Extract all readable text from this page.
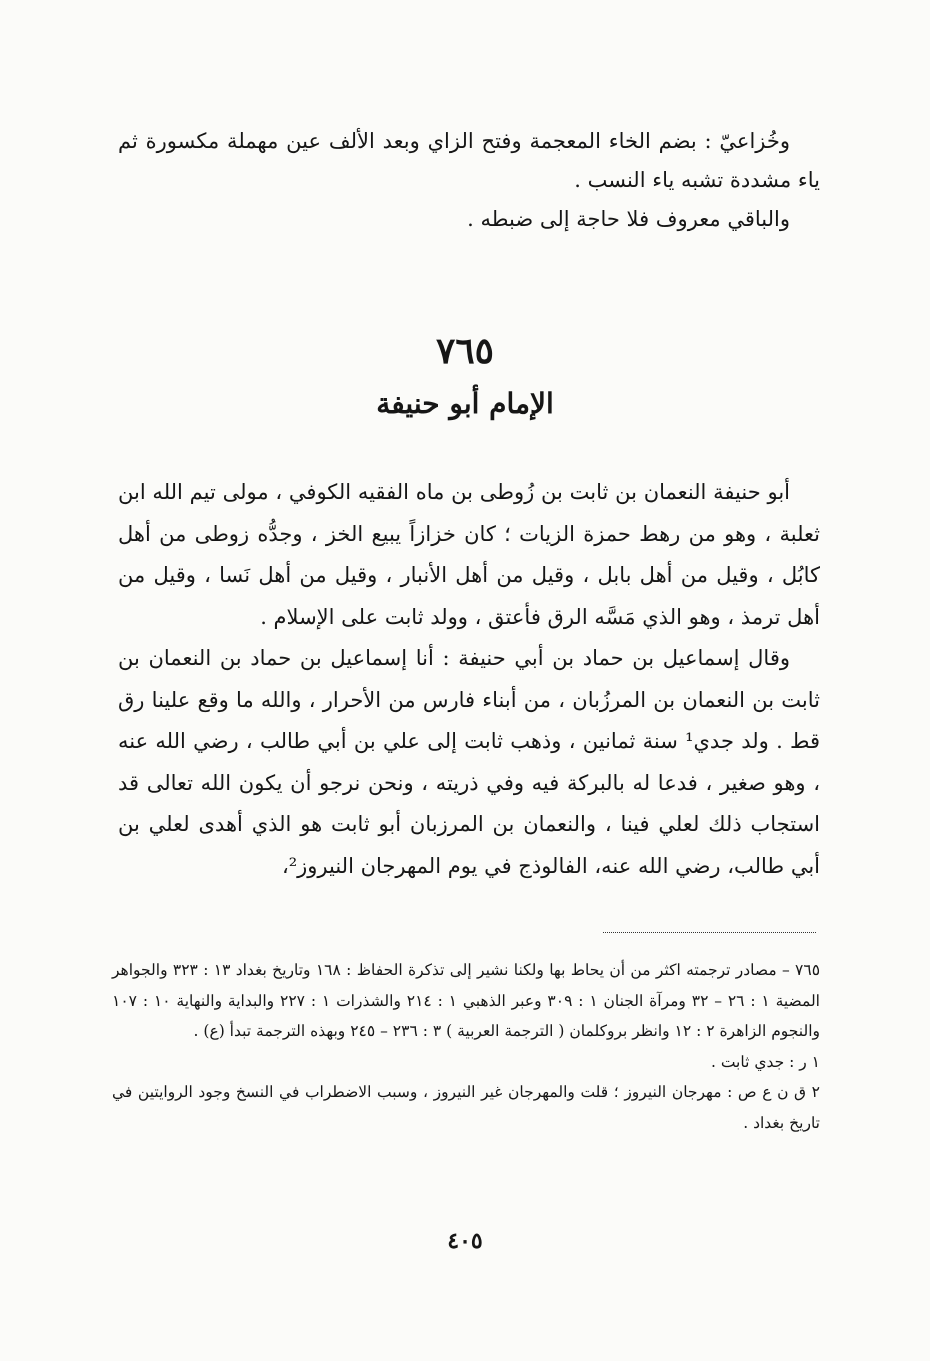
وخُزاعيّ : بضم الخاء المعجمة وفتح الزاي وبعد الألف عين مهملة مكسورة ثم ياء مشددة تشبه ياء النسب .

والباقي معروف فلا حاجة إلى ضبطه .

٧٦٥
الإمام أبو حنيفة

أبو حنيفة النعمان بن ثابت بن زُوطى بن ماه الفقيه الكوفي ، مولى تيم الله ابن ثعلبة ، وهو من رهط حمزة الزيات ؛ كان خزازاً يبيع الخز ، وجدُّه زوطى من أهل كابُل ، وقيل من أهل بابل ، وقيل من أهل الأنبار ، وقيل من أهل نَسا ، وقيل من أهل ترمذ ، وهو الذي مَسَّه الرق فأعتق ، وولد ثابت على الإسلام .

وقال إسماعيل بن حماد بن أبي حنيفة : أنا إسماعيل بن حماد بن النعمان بن ثابت بن النعمان بن المرزُبان ، من أبناء فارس من الأحرار ، والله ما وقع علينا رق قط . ولد جدي¹ سنة ثمانين ، وذهب ثابت إلى علي بن أبي طالب ، رضي الله عنه ، وهو صغير ، فدعا له بالبركة فيه وفي ذريته ، ونحن نرجو أن يكون الله تعالى قد استجاب ذلك لعلي فينا ، والنعمان بن المرزبان أبو ثابت هو الذي أهدى لعلي بن أبي طالب، رضي الله عنه، الفالوذج في يوم المهرجان النيروز²،

٧٦٥ – مصادر ترجمته اكثر من أن يحاط بها ولكنا نشير إلى تذكرة الحفاظ : ١٦٨ وتاريخ بغداد ١٣ : ٣٢٣ والجواهر المضية ١ : ٢٦ – ٣٢ ومرآة الجنان ١ : ٣٠٩ وعبر الذهبي ١ : ٢١٤ والشذرات ١ : ٢٢٧ والبداية والنهاية ١٠ : ١٠٧ والنجوم الزاهرة ٢ : ١٢ وانظر بروكلمان ( الترجمة العربية ) ٣ : ٢٣٦ – ٢٤٥ وبهذه الترجمة تبدأ (ع) .

١ ر : جدي ثابت .

٢ ق ن ع ص : مهرجان النيروز ؛ قلت والمهرجان غير النيروز ، وسبب الاضطراب في النسخ وجود الروايتين في تاريخ بغداد .

٤٠٥
